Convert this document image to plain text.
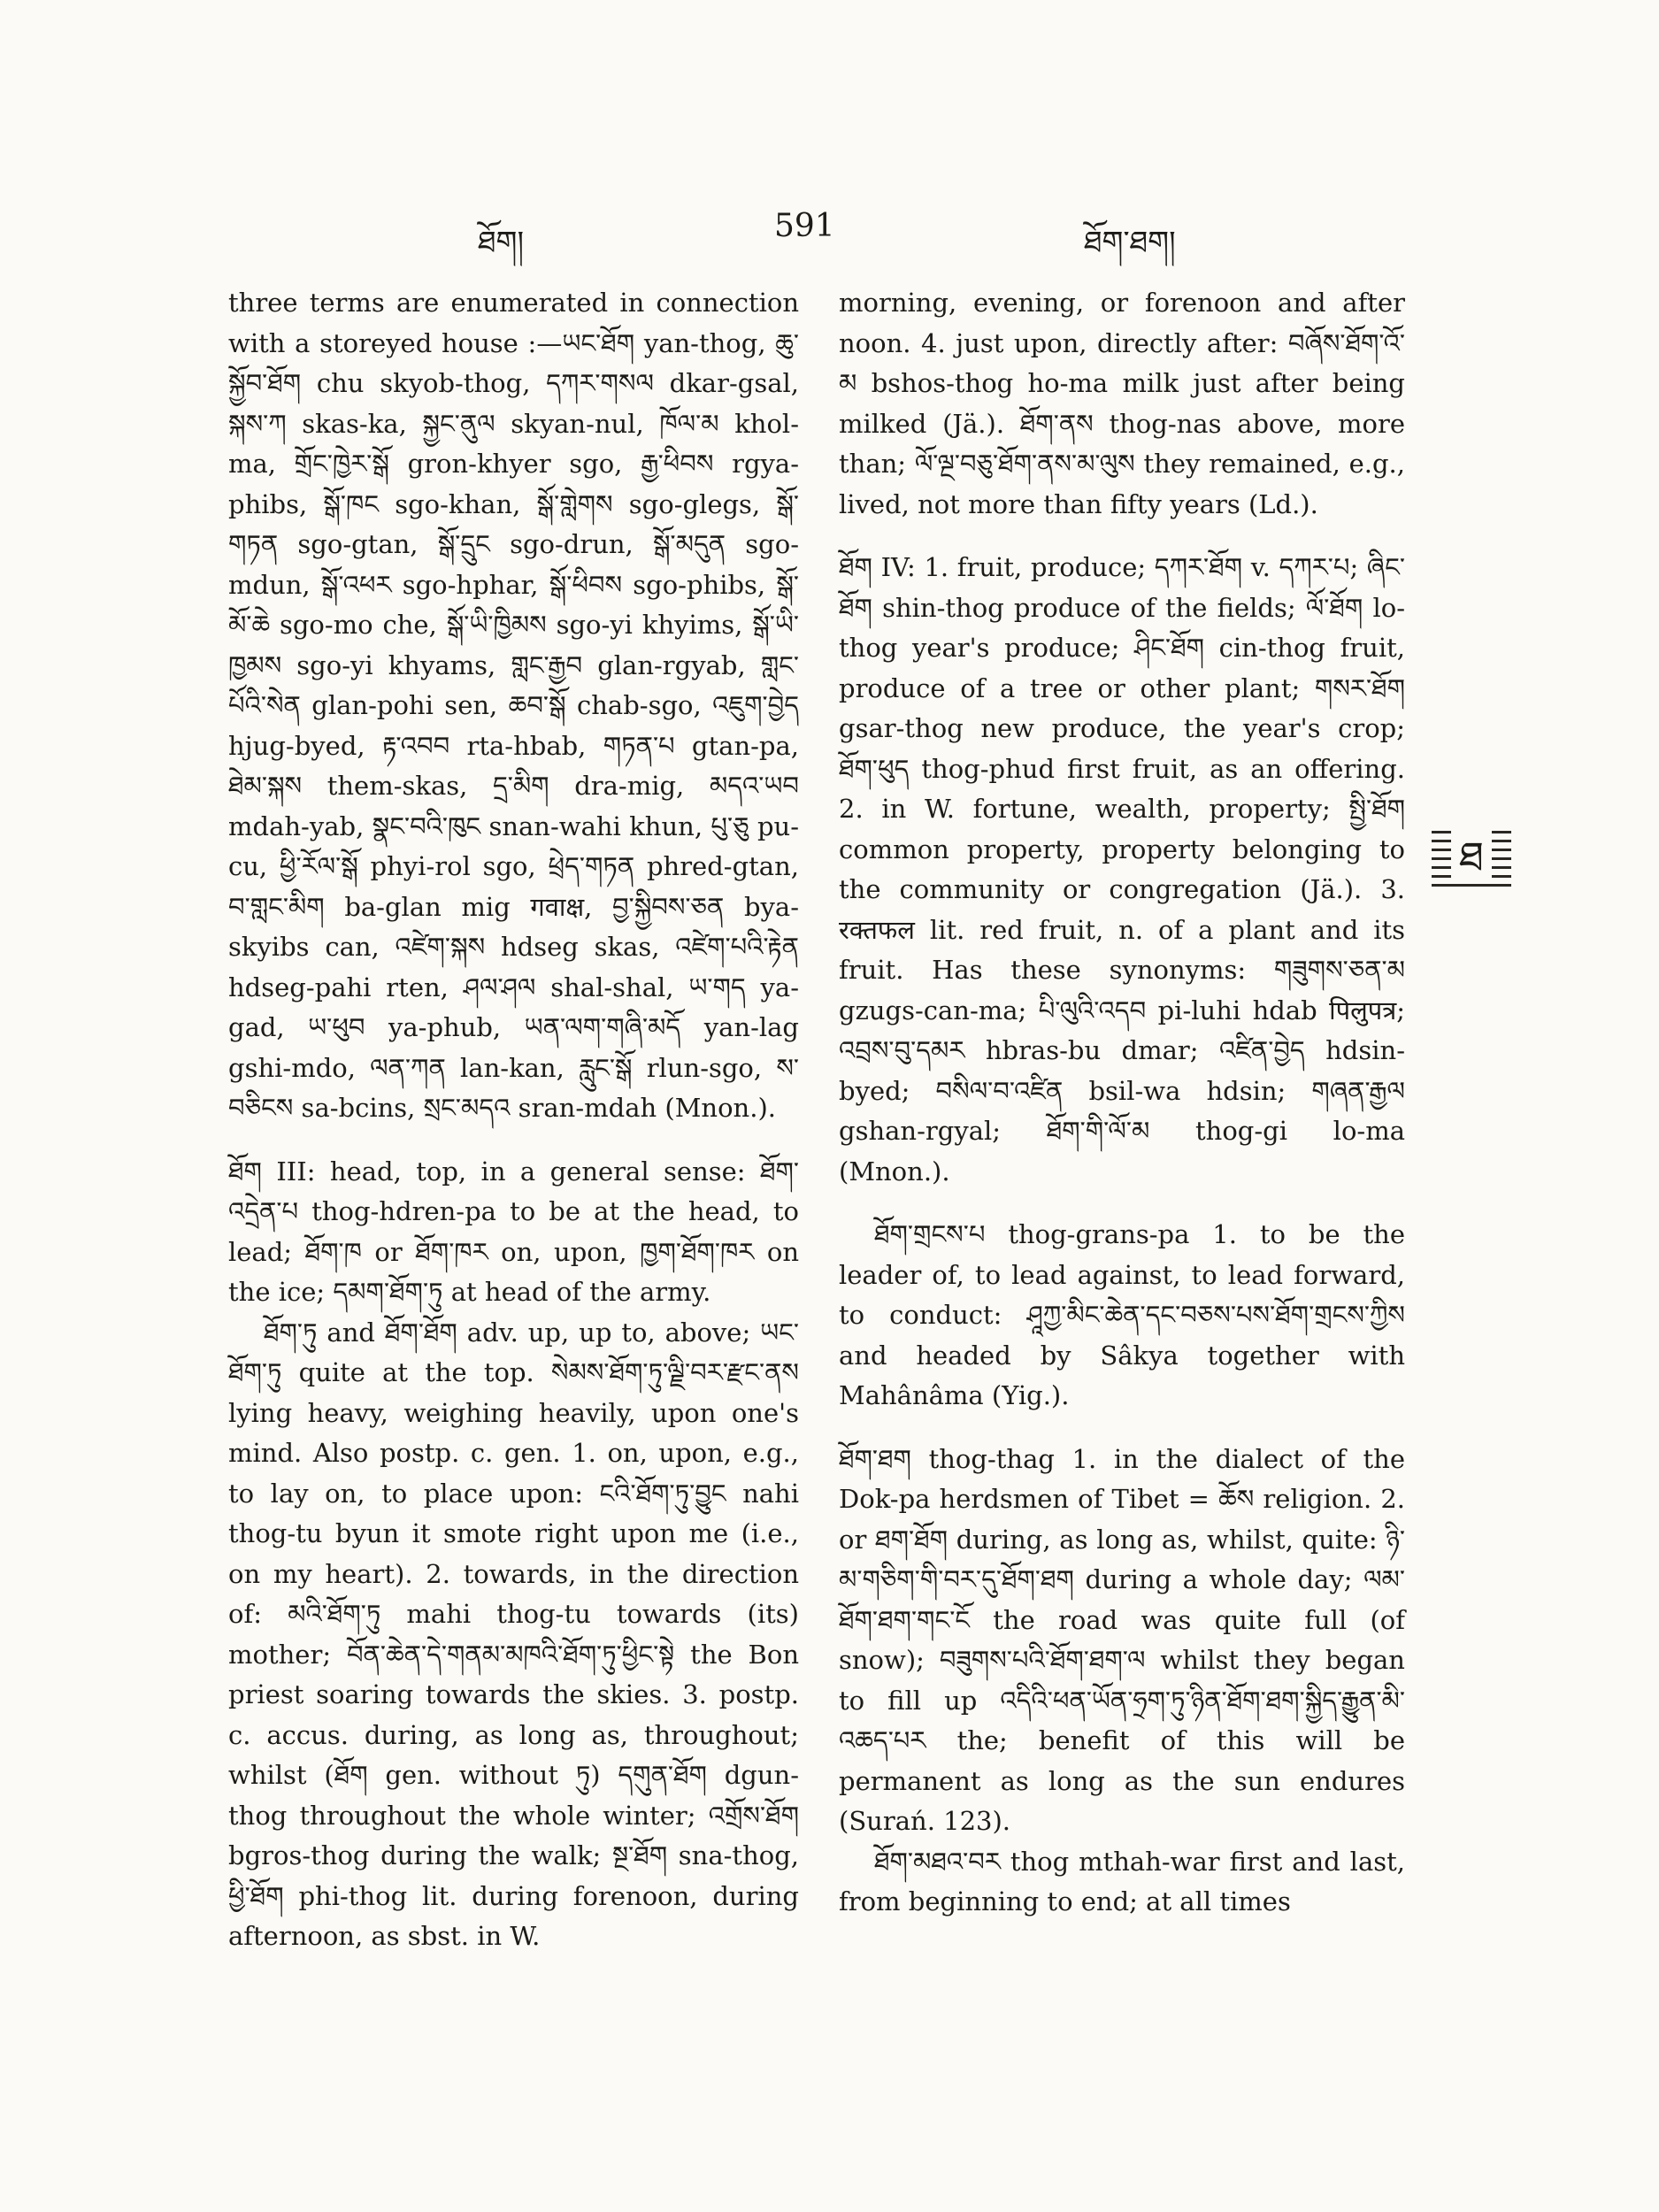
ཐོག།	591	ཐོག་ཐག།

three terms are enumerated in connection with a storeyed house :—ཡང་ཐོག yan-thog, ཆུ་སྐྱོབ་ཐོག chu skyob-thog, དཀར་གསལ dkar-gsal, སྐས་ཀ skas-ka, སྐྱང་ནུལ skyan-nul, ཁོལ་མ khol-ma, གྲོང་ཁྱེར་སྒོ gron-khyer sgo, རྒྱ་ཕིབས rgya-phibs, སྒོ་ཁང sgo-khan, སྒོ་གླེགས sgo-glegs, སྒོ་གཏན sgo-gtan, སྒོ་དྲུང sgo-drun, སྒོ་མདུན sgo-mdun, སྒོ་འཕར sgo-hphar, སྒོ་ཕིབས sgo-phibs, སྒོ་མོ་ཆེ sgo-mo che, སྒོ་ཡི་ཁྱིམས sgo-yi khyims, སྒོ་ཡི་ཁྱམས sgo-yi khyams, གླང་རྒྱབ glan-rgyab, གླང་པོའི་སེན glan-pohi sen, ཆབ་སྒོ chab-sgo, འཇུག་བྱེད hjug-byed, རྟ་འབབ rta-hbab, གཏན་པ gtan-pa, ཐེམ་སྐས them-skas, དྲ་མིག dra-mig, མདའ་ཡབ mdah-yab, སྣང་བའི་ཁུང snan-wahi khun, པུ་ཅུ pu-cu, ཕྱི་རོལ་སྒོ phyi-rol sgo, ཕྲེད་གཏན phred-gtan, བ་གླང་མིག ba-glan mig गवाक्ष, བྱ་སྐྱིབས་ཅན bya-skyibs can, འཛེག་སྐས hdseg skas, འཛེག་པའི་རྟེན hdseg-pahi rten, ཤལ་ཤལ shal-shal, ཡ་གད ya-gad, ཡ་ཕུབ ya-phub, ཡན་ལག་གཞི་མདོ yan-lag gshi-mdo, ལན་ཀན lan-kan, རླུང་སྒོ rlun-sgo, ས་བཅིངས sa-bcins, སྲང་མདའ sran-mdah (Mnon.).

ཐོག III: head, top, in a general sense: ཐོག་འདྲེན་པ thog-hdren-pa to be at the head, to lead; ཐོག་ཁ or ཐོག་ཁར on, upon, ཁྱག་ཐོག་ཁར on the ice; དམག་ཐོག་ཏུ at head of the army.

ཐོག་ཏུ and ཐོག་ཐོག adv. up, up to, above; ཡང་ཐོག་ཏུ quite at the top. སེམས་ཐོག་ཏུ་ལྗི་བར་རྫང་ནས lying heavy, weighing heavily, upon one's mind. Also postp. c. gen. 1. on, upon, e.g., to lay on, to place upon: ངའི་ཐོག་ཏུ་བྱུང nahi thog-tu byun it smote right upon me (i.e., on my heart). 2. towards, in the direction of: མའི་ཐོག་ཏུ mahi thog-tu towards (its) mother; བོན་ཆེན་དེ་གནམ་མཁའི་ཐོག་ཏུ་ཕྱིང་སྟེ the Bon priest soaring towards the skies. 3. postp. c. accus. during, as long as, throughout; whilst (ཐོག gen. without ཏུ) དགུན་ཐོག dgun-thog throughout the whole winter; འགྲོས་ཐོག bgros-thog during the walk; སྔ་ཐོག sna-thog, ཕྱི་ཐོག phi-thog lit. during forenoon, during afternoon, as sbst. in W.

morning, evening, or forenoon and after noon. 4. just upon, directly after: བཞོས་ཐོག་འོ་མ bshos-thog ho-ma milk just after being milked (Jä.). ཐོག་ནས thog-nas above, more than; ལོ་ལྔ་བཅུ་ཐོག་ནས་མ་ལུས they remained, e.g., lived, not more than fifty years (Ld.).

ཐོག IV: 1. fruit, produce; དཀར་ཐོག v. དཀར་པ; ཞིང་ཐོག shin-thog produce of the fields; ལོ་ཐོག lo-thog year's produce; ཤིང་ཐོག cin-thog fruit, produce of a tree or other plant; གསར་ཐོག gsar-thog new produce, the year's crop; ཐོག་ཕུད thog-phud first fruit, as an offering. 2. in W. fortune, wealth, property; སྤྱི་ཐོག common property, property belonging to the community or congregation (Jä.). 3. रक्तफल lit. red fruit, n. of a plant and its fruit. Has these synonyms: གཟུགས་ཅན་མ gzugs-can-ma; པི་ལུའི་འདབ pi-luhi hdab पिलुपत्र; འབྲས་བུ་དམར hbras-bu dmar; འཛིན་བྱེད hdsin-byed; བསིལ་བ་འཛིན bsil-wa hdsin; གཞན་རྒྱལ gshan-rgyal; ཐོག་གི་ལོ་མ thog-gi lo-ma (Mnon.).

ཐོག་གྲངས་པ thog-grans-pa 1. to be the leader of, to lead against, to lead forward, to conduct: ཤཱཀྱ་མིང་ཆེན་དང་བཅས་པས་ཐོག་གྲངས་ཀྱིས and headed by Sâkya together with Mahânâma (Yig.).

ཐོག་ཐག thog-thag 1. in the dialect of the Dok-pa herdsmen of Tibet = ཆོས religion. 2. or ཐག་ཐོག during, as long as, whilst, quite: ཉི་མ་གཅིག་གི་བར་དུ་ཐོག་ཐག during a whole day; ལམ་ཐོག་ཐག་གང་ངོ the road was quite full (of snow); བཟུགས་པའི་ཐོག་ཐག་ལ whilst they began to fill up འདིའི་ཕན་ཡོན་ཧྲག་ཏུ་ཉིན་ཐོག་ཐག་སྐྱིད་རྒྱུན་མི་འཆད་པར the; benefit of this will be permanent as long as the sun endures (Surań. 123).

ཐོག་མཐའ་བར thog mthah-war first and last, from beginning to end; at all times

ཐ
